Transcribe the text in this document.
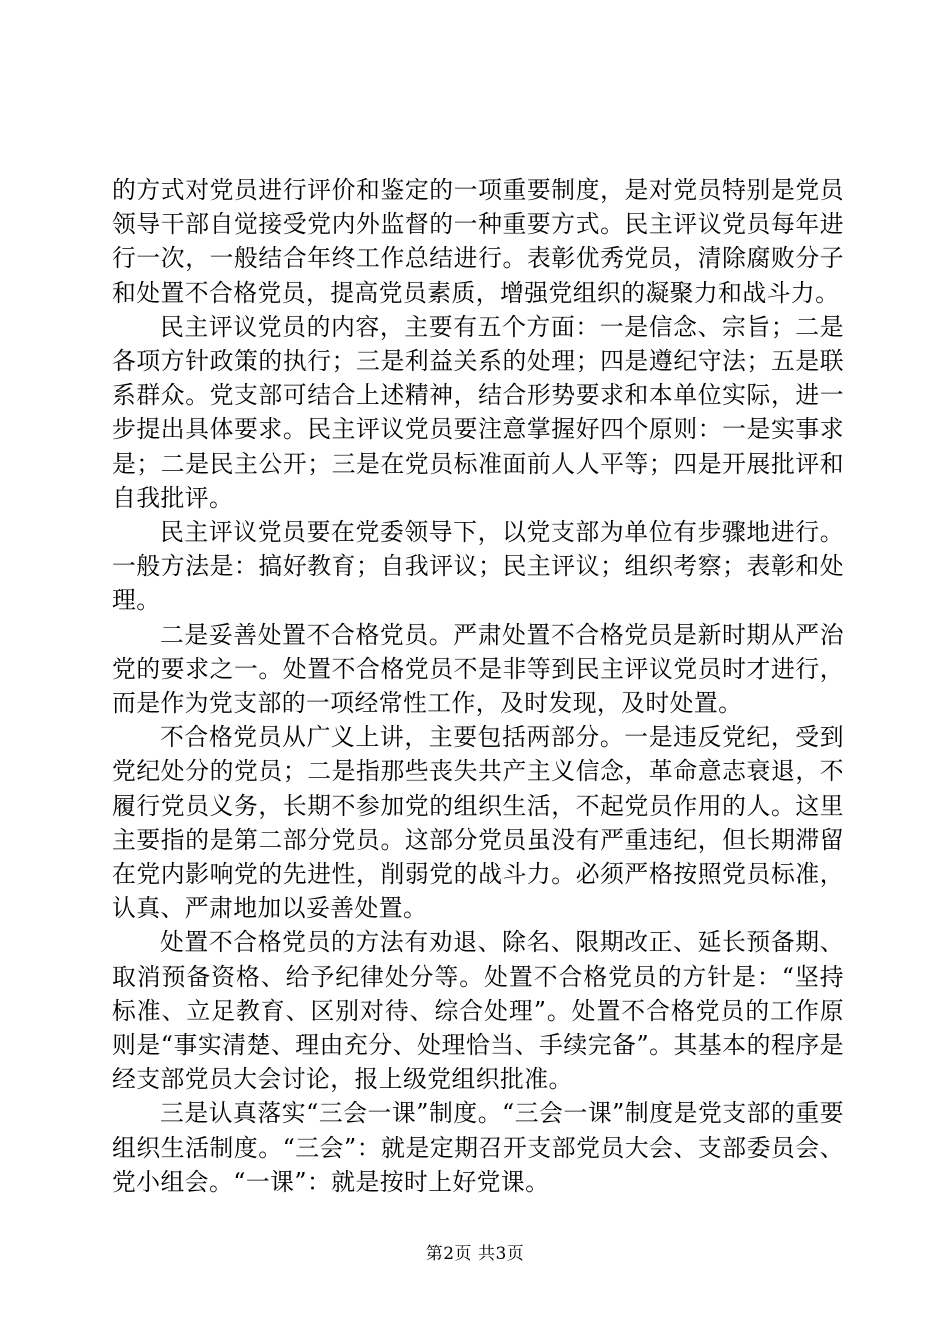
的方式对党员进行评价和鉴定的一项重要制度，是对党员特别是党员领导干部自觉接受党内外监督的一种重要方式。民主评议党员每年进行一次，一般结合年终工作总结进行。表彰优秀党员，清除腐败分子和处置不合格党员，提高党员素质，增强党组织的凝聚力和战斗力。

民主评议党员的内容，主要有五个方面：一是信念、宗旨；二是各项方针政策的执行；三是利益关系的处理；四是遵纪守法；五是联系群众。党支部可结合上述精神，结合形势要求和本单位实际，进一步提出具体要求。民主评议党员要注意掌握好四个原则：一是实事求是；二是民主公开；三是在党员标准面前人人平等；四是开展批评和自我批评。

民主评议党员要在党委领导下，以党支部为单位有步骤地进行。一般方法是：搞好教育；自我评议；民主评议；组织考察；表彰和处理。

二是妥善处置不合格党员。严肃处置不合格党员是新时期从严治党的要求之一。处置不合格党员不是非等到民主评议党员时才进行，而是作为党支部的一项经常性工作，及时发现，及时处置。

不合格党员从广义上讲，主要包括两部分。一是违反党纪，受到党纪处分的党员；二是指那些丧失共产主义信念，革命意志衰退，不履行党员义务，长期不参加党的组织生活，不起党员作用的人。这里主要指的是第二部分党员。这部分党员虽没有严重违纪，但长期滞留在党内影响党的先进性，削弱党的战斗力。必须严格按照党员标准，认真、严肃地加以妥善处置。

处置不合格党员的方法有劝退、除名、限期改正、延长预备期、取消预备资格、给予纪律处分等。处置不合格党员的方针是：“坚持标准、立足教育、区别对待、综合处理”。处置不合格党员的工作原则是“事实清楚、理由充分、处理恰当、手续完备”。其基本的程序是经支部党员大会讨论，报上级党组织批准。

三是认真落实“三会一课”制度。“三会一课”制度是党支部的重要组织生活制度。“三会”：就是定期召开支部党员大会、支部委员会、党小组会。“一课”：就是按时上好党课。

第2页 共3页
